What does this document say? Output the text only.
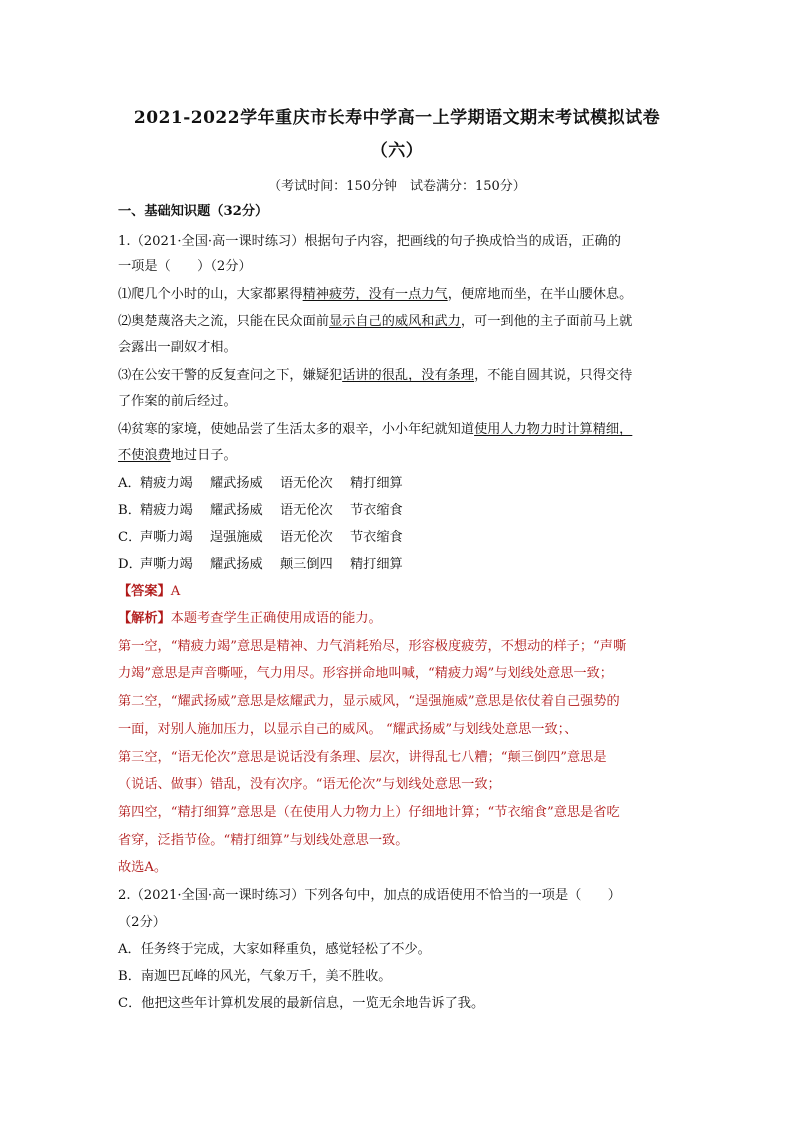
2021-2022学年重庆市长寿中学高一上学期语文期末考试模拟试卷
（六）
（考试时间：150分钟　试卷满分：150分）
一、基础知识题（32分）
1.（2021·全国·高一课时练习）根据句子内容，把画线的句子换成恰当的成语，正确的
一项是（　　）（2分）
⑴爬几个小时的山，大家都累得精神疲劳，没有一点力气，便席地而坐，在半山腰休息。
⑵奥楚蔑洛夫之流，只能在民众面前显示自己的威风和武力，可一到他的主子面前马上就
会露出一副奴才相。
⑶在公安干警的反复查问之下，嫌疑犯话讲的很乱，没有条理，不能自圆其说，只得交待
了作案的前后经过。
⑷贫寒的家境，使她品尝了生活太多的艰辛，小小年纪就知道使用人力物力时计算精细，
不使浪费地过日子。
A．精疲力竭 耀武扬威 语无伦次 精打细算
B．精疲力竭 耀武扬威 语无伦次 节衣缩食
C．声嘶力竭 逞强施威 语无伦次 节衣缩食
D．声嘶力竭 耀武扬威 颠三倒四 精打细算
【答案】A
【解析】本题考查学生正确使用成语的能力。
第一空，“精疲力竭”意思是精神、力气消耗殆尽，形容极度疲劳，不想动的样子；“声嘶
力竭”意思是声音嘶哑，气力用尽。形容拼命地叫喊，“精疲力竭”与划线处意思一致；
第二空，“耀武扬威”意思是炫耀武力，显示威风，“逞强施威”意思是依仗着自己强势的
一面，对别人施加压力，以显示自己的威风。 “耀武扬威”与划线处意思一致；、
第三空，“语无伦次”意思是说话没有条理、层次，讲得乱七八糟；“颠三倒四”意思是
（说话、做事）错乱，没有次序。“语无伦次”与划线处意思一致；
第四空，“精打细算”意思是（在使用人力物力上）仔细地计算；“节衣缩食”意思是省吃
省穿，泛指节俭。“精打细算”与划线处意思一致。
故选A。
2.（2021·全国·高一课时练习）下列各句中，加点的成语使用不恰当的一项是（　　）
（2分）
A．任务终于完成，大家如释重负，感觉轻松了不少。
B．南迦巴瓦峰的风光，气象万千，美不胜收。
C．他把这些年计算机发展的最新信息，一览无余地告诉了我。
